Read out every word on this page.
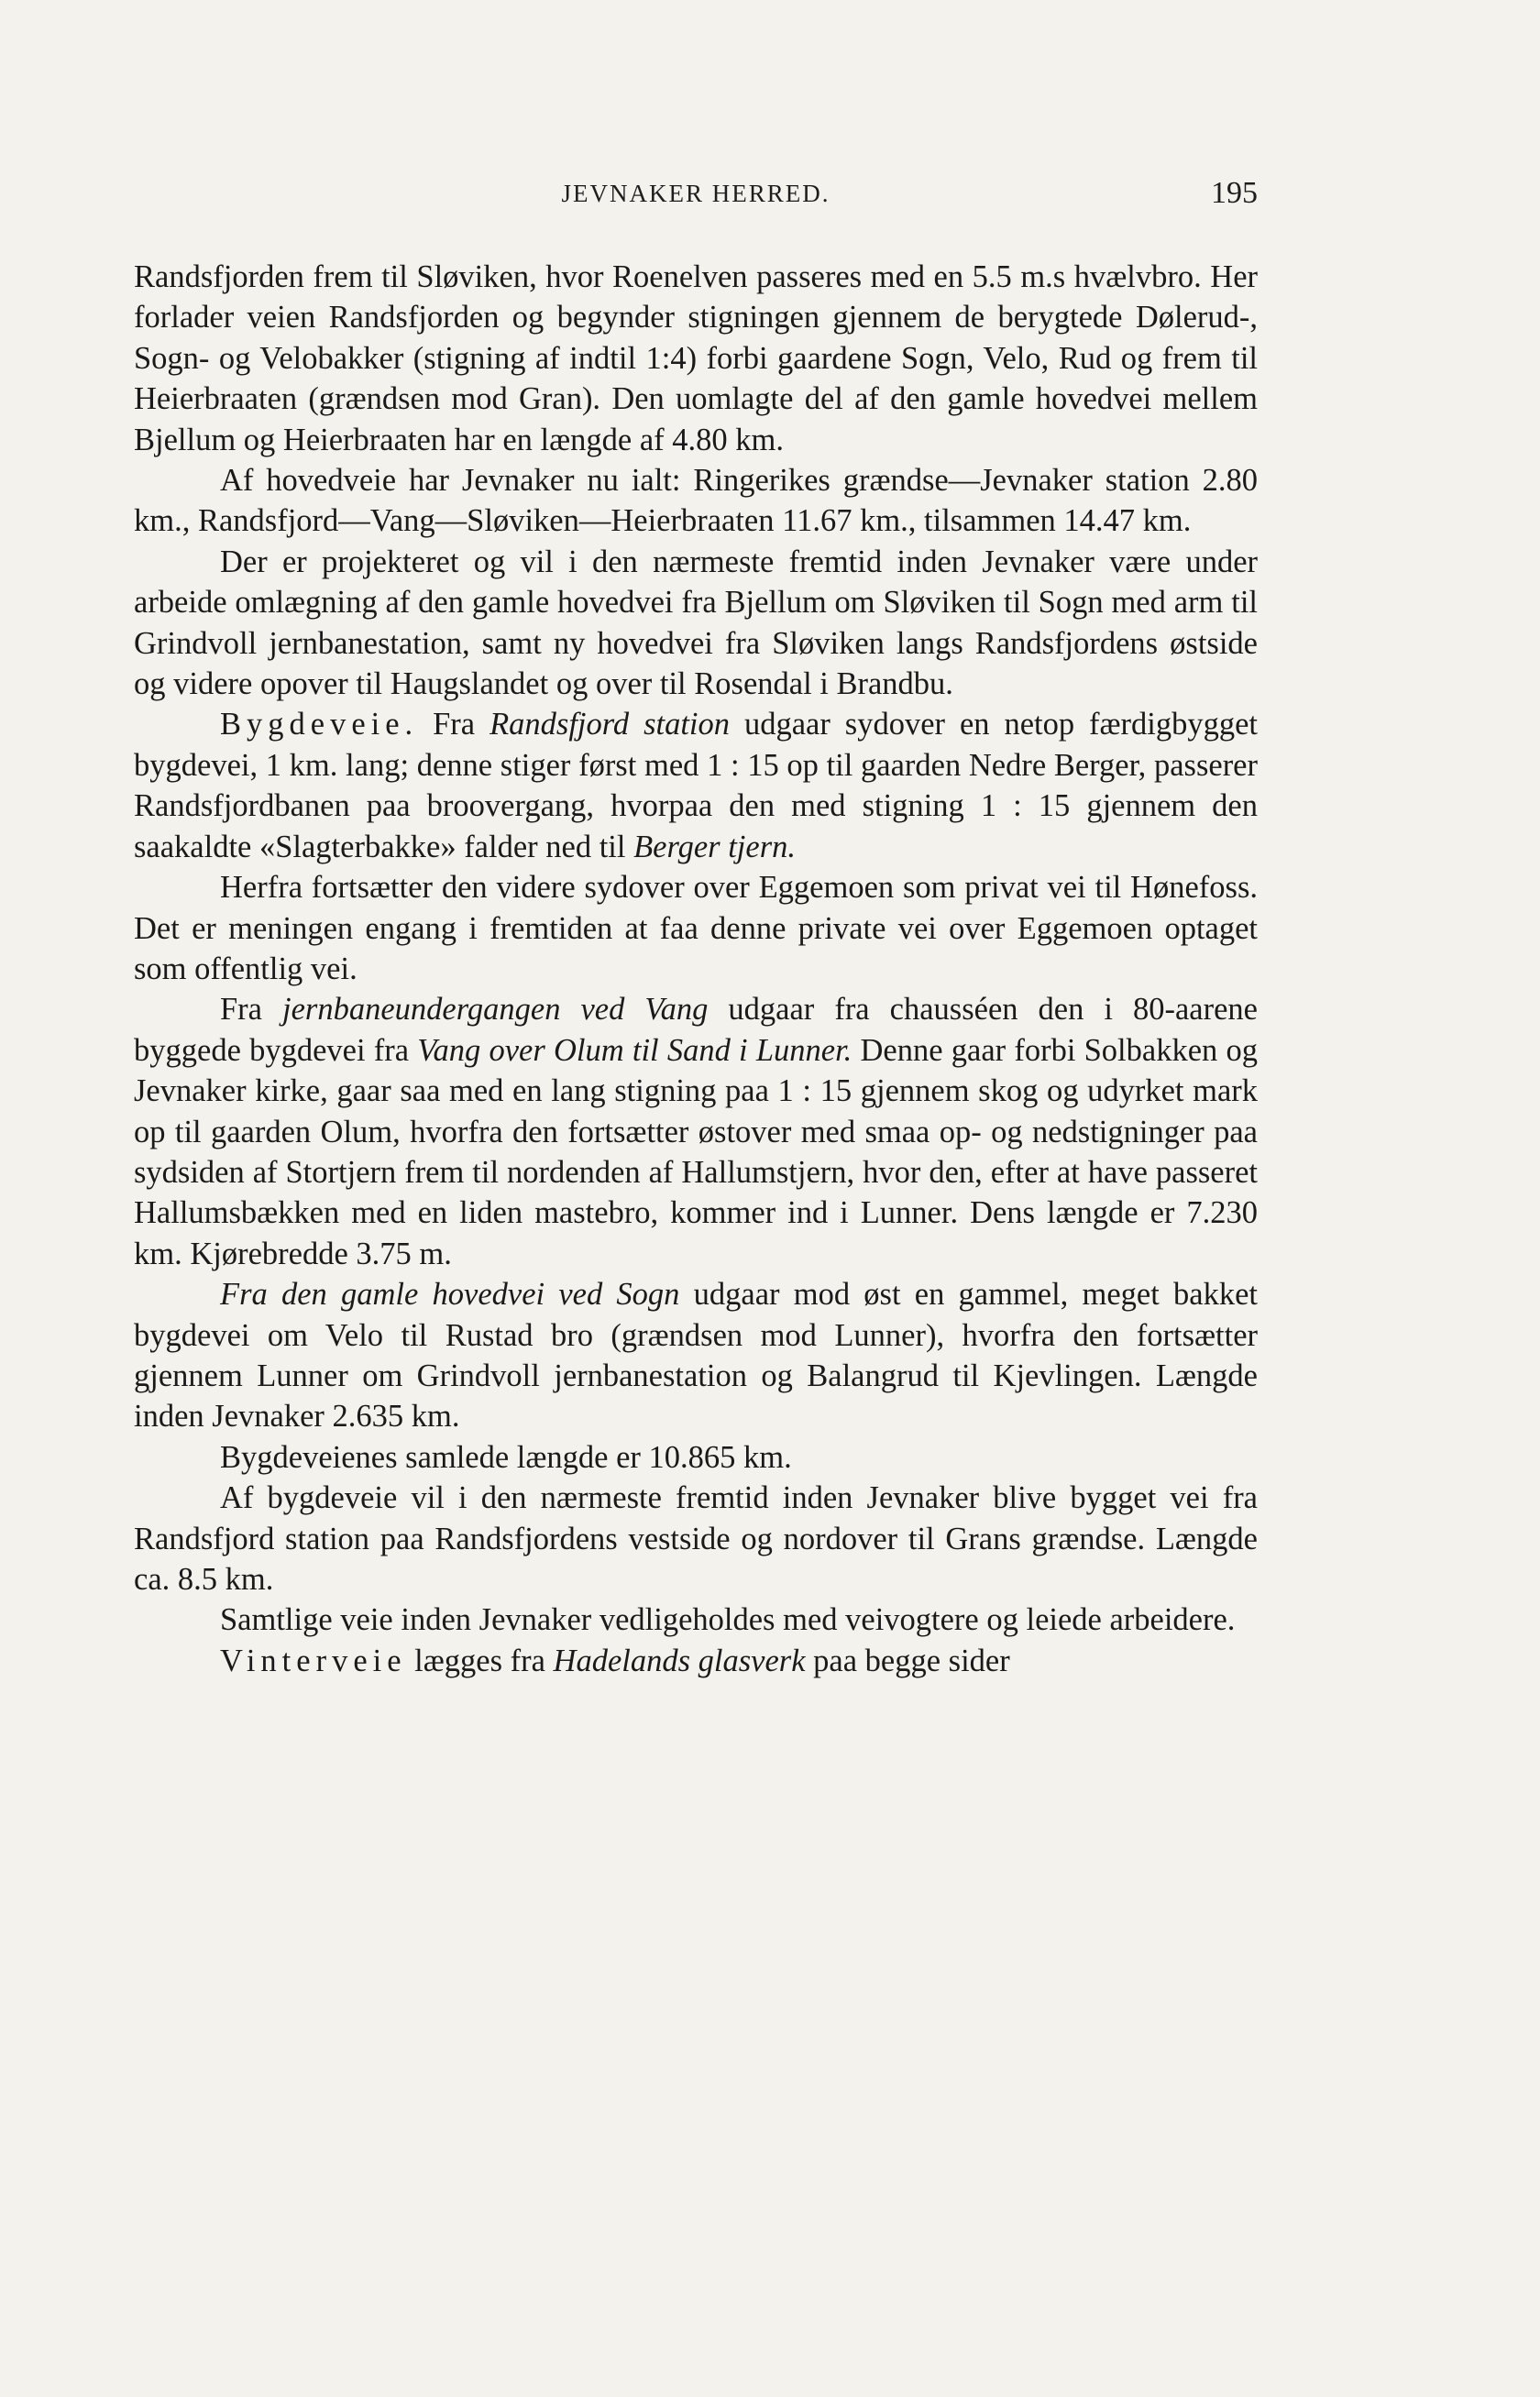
JEVNAKER HERRED.	195

Randsfjorden frem til Sløviken, hvor Roenelven passeres med en 5.5 m.s hvælvbro. Her forlader veien Randsfjorden og begynder stigningen gjennem de berygtede Dølerud-, Sogn- og Velobakker (stigning af indtil 1:4) forbi gaardene Sogn, Velo, Rud og frem til Heierbraaten (grændsen mod Gran). Den uomlagte del af den gamle hovedvei mellem Bjellum og Heierbraaten har en længde af 4.80 km.

Af hovedveie har Jevnaker nu ialt: Ringerikes grændse—Jevnaker station 2.80 km., Randsfjord—Vang—Sløviken—Heierbraaten 11.67 km., tilsammen 14.47 km.

Der er projekteret og vil i den nærmeste fremtid inden Jevnaker være under arbeide omlægning af den gamle hovedvei fra Bjellum om Sløviken til Sogn med arm til Grindvoll jernbanestation, samt ny hovedvei fra Sløviken langs Randsfjordens østside og videre opover til Haugslandet og over til Rosendal i Brandbu.

Bygdeveie. Fra Randsfjord station udgaar sydover en netop færdigbygget bygdevei, 1 km. lang; denne stiger først med 1 : 15 op til gaarden Nedre Berger, passerer Randsfjordbanen paa broovergang, hvorpaa den med stigning 1 : 15 gjennem den saakaldte «Slagterbakke» falder ned til Berger tjern.

Herfra fortsætter den videre sydover over Eggemoen som privat vei til Hønefoss. Det er meningen engang i fremtiden at faa denne private vei over Eggemoen optaget som offentlig vei.

Fra jernbaneundergangen ved Vang udgaar fra chausséen den i 80-aarene byggede bygdevei fra Vang over Olum til Sand i Lunner. Denne gaar forbi Solbakken og Jevnaker kirke, gaar saa med en lang stigning paa 1 : 15 gjennem skog og udyrket mark op til gaarden Olum, hvorfra den fortsætter østover med smaa op- og nedstigninger paa sydsiden af Stortjern frem til nordenden af Hallumstjern, hvor den, efter at have passeret Hallumsbækken med en liden mastebro, kommer ind i Lunner. Dens længde er 7.230 km. Kjørebredde 3.75 m.

Fra den gamle hovedvei ved Sogn udgaar mod øst en gammel, meget bakket bygdevei om Velo til Rustad bro (grændsen mod Lunner), hvorfra den fortsætter gjennem Lunner om Grindvoll jernbanestation og Balangrud til Kjevlingen. Længde inden Jevnaker 2.635 km.

Bygdeveienes samlede længde er 10.865 km.

Af bygdeveie vil i den nærmeste fremtid inden Jevnaker blive bygget vei fra Randsfjord station paa Randsfjordens vestside og nordover til Grans grændse. Længde ca. 8.5 km.

Samtlige veie inden Jevnaker vedligeholdes med veivogtere og leiede arbeidere.

Vinterveie lægges fra Hadelands glasverk paa begge sider
